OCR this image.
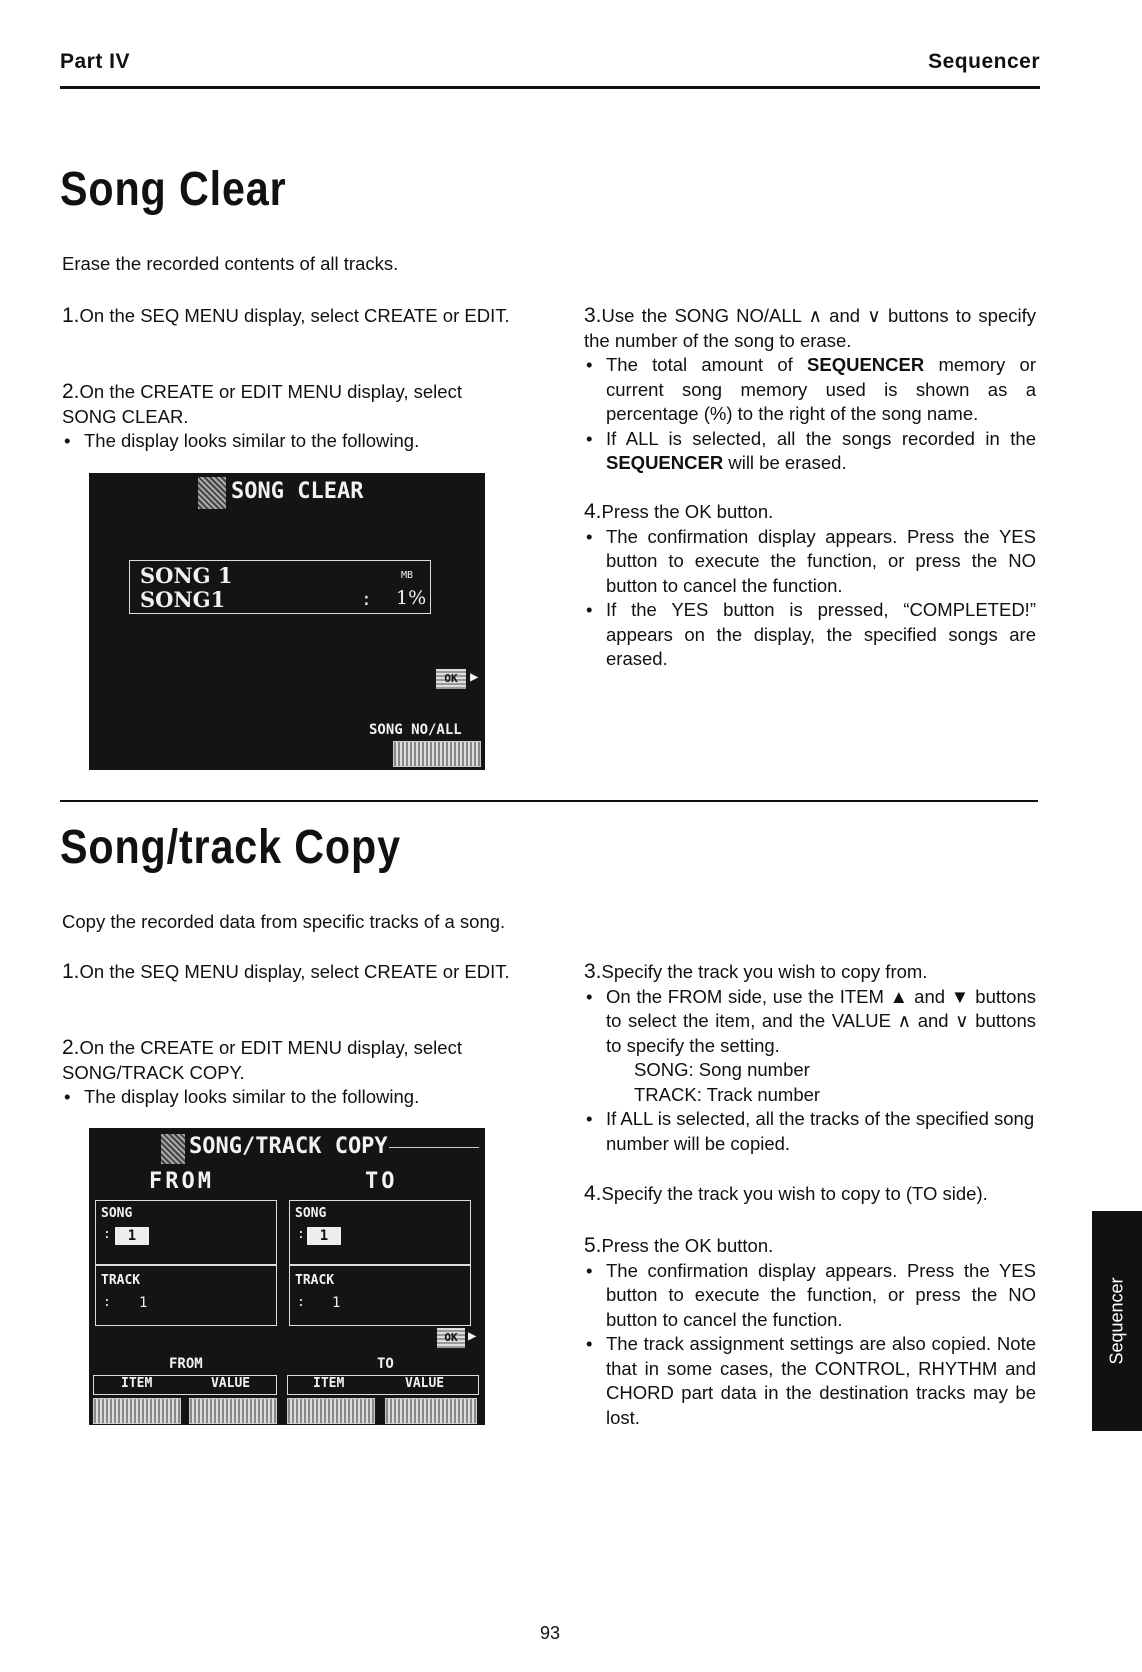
Part IV	Sequencer
Song Clear
Erase the recorded contents of all tracks.
1.On the SEQ MENU display, select CREATE or EDIT.
2.On the CREATE or EDIT MENU display, select SONG CLEAR.
• The display looks similar to the following.
SONG CLEAR
SONG 1
SONG1
MB
: 1%
OK ▶
SONG NO/ALL
3.Use the SONG NO/ALL ∧ and ∨ buttons to specify the number of the song to erase.
• The total amount of SEQUENCER memory or current song memory used is shown as a percentage (%) to the right of the song name.
• If ALL is selected, all the songs recorded in the SEQUENCER will be erased.
4.Press the OK button.
• The confirmation display appears. Press the YES button to execute the function, or press the NO button to cancel the function.
• If the YES button is pressed, “COMPLETED!” appears on the display, the specified songs are erased.
Song/track Copy
Copy the recorded data from specific tracks of a song.
1.On the SEQ MENU display, select CREATE or EDIT.
2.On the CREATE or EDIT MENU display, select SONG/TRACK COPY.
• The display looks similar to the following.
SONG/TRACK COPY
FROM	TO
SONG
:	1
TRACK
: 1
SONG
:	1
TRACK
: 1
OK ▶
FROM	TO
ITEM	VALUE	ITEM	VALUE
3.Specify the track you wish to copy from.
• On the FROM side, use the ITEM ▲ and ▼ buttons to select the item, and the VALUE ∧ and ∨ buttons to specify the setting.
SONG: Song number
TRACK: Track number
• If ALL is selected, all the tracks of the specified song number will be copied.
4.Specify the track you wish to copy to (TO side).
5.Press the OK button.
• The confirmation display appears. Press the YES button to execute the function, or press the NO button to cancel the function.
• The track assignment settings are also copied. Note that in some cases, the CONTROL, RHYTHM and CHORD part data in the destination tracks may be lost.
Sequencer
93
